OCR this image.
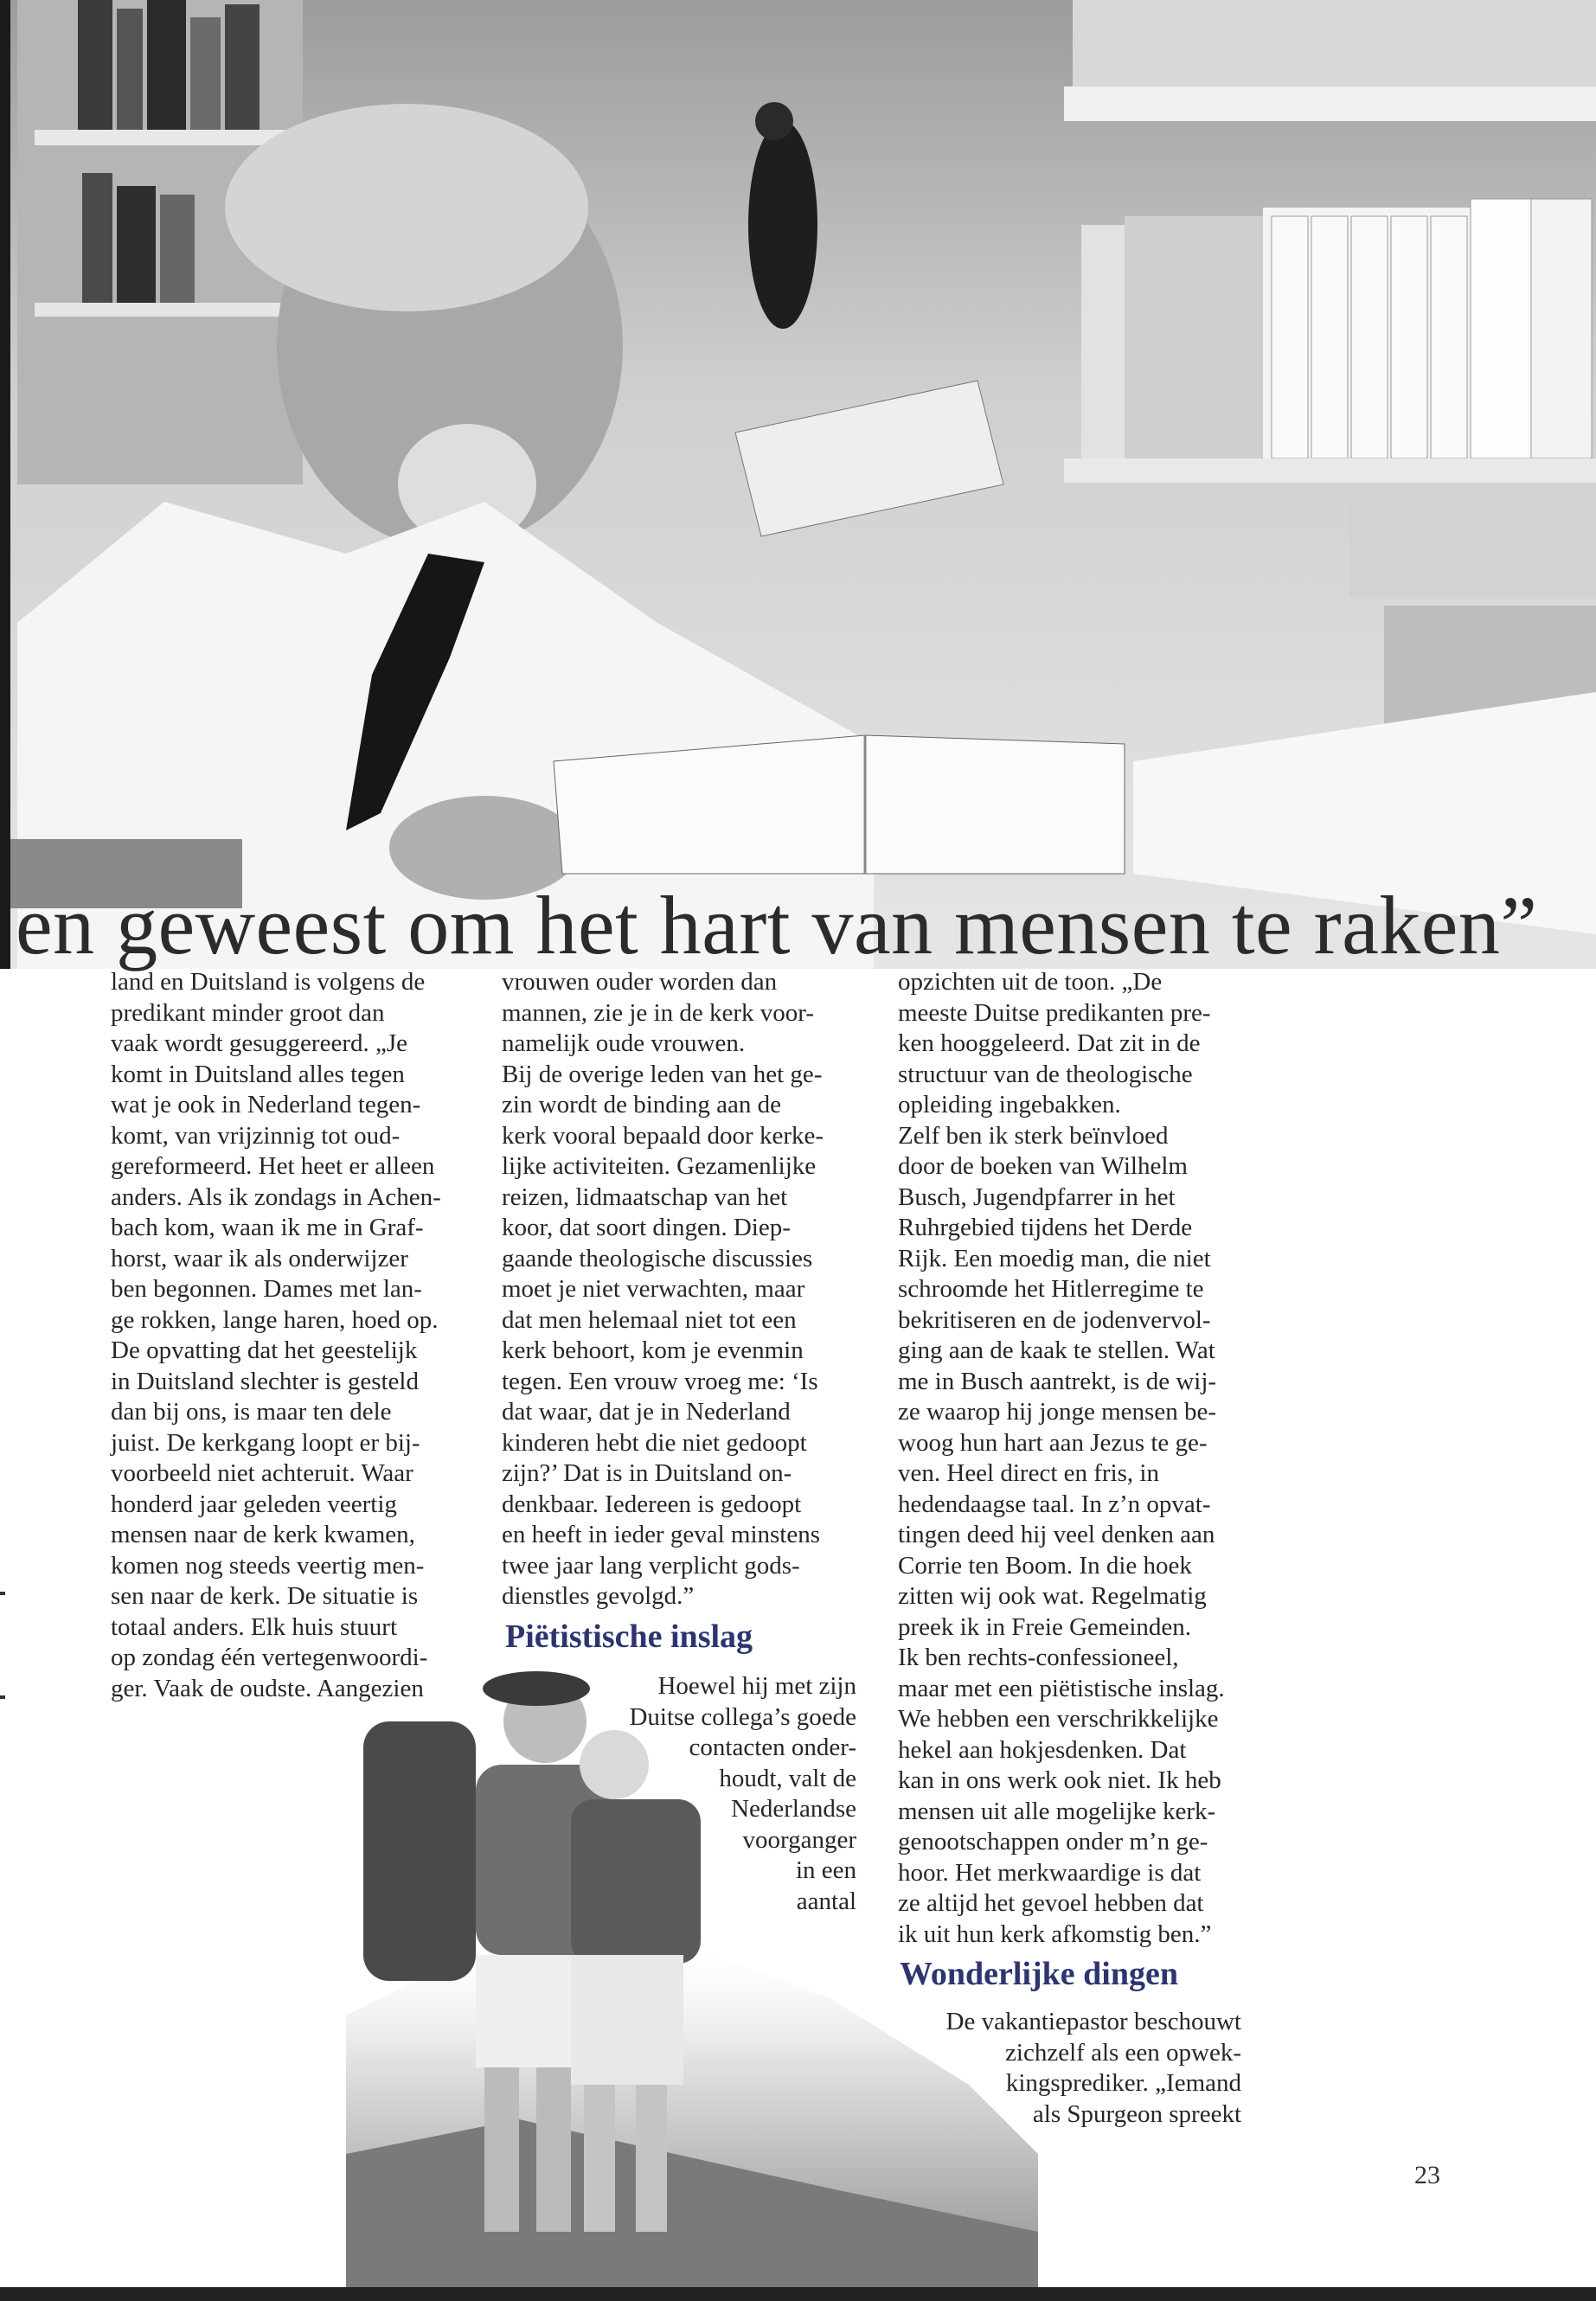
en geweest om het hart van mensen te raken”
land en Duitsland is volgens de
predikant minder groot dan
vaak wordt gesuggereerd. „Je
komt in Duitsland alles tegen
wat je ook in Nederland tegen-
komt, van vrijzinnig tot oud-
gereformeerd. Het heet er alleen
anders. Als ik zondags in Achen-
bach kom, waan ik me in Graf-
horst, waar ik als onderwijzer
ben begonnen. Dames met lan-
ge rokken, lange haren, hoed op.
De opvatting dat het geestelijk
in Duitsland slechter is gesteld
dan bij ons, is maar ten dele
juist. De kerkgang loopt er bij-
voorbeeld niet achteruit. Waar
honderd jaar geleden veertig
mensen naar de kerk kwamen,
komen nog steeds veertig men-
sen naar de kerk. De situatie is
totaal anders. Elk huis stuurt
op zondag één vertegenwoordi-
ger. Vaak de oudste. Aangezien
vrouwen ouder worden dan
mannen, zie je in de kerk voor-
namelijk oude vrouwen.
Bij de overige leden van het ge-
zin wordt de binding aan de
kerk vooral bepaald door kerke-
lijke activiteiten. Gezamenlijke
reizen, lidmaatschap van het
koor, dat soort dingen. Diep-
gaande theologische discussies
moet je niet verwachten, maar
dat men helemaal niet tot een
kerk behoort, kom je evenmin
tegen. Een vrouw vroeg me: ‘Is
dat waar, dat je in Nederland
kinderen hebt die niet gedoopt
zijn?’ Dat is in Duitsland on-
denkbaar. Iedereen is gedoopt
en heeft in ieder geval minstens
twee jaar lang verplicht gods-
dienstles gevolgd.”
opzichten uit de toon. „De
meeste Duitse predikanten pre-
ken hooggeleerd. Dat zit in de
structuur van de theologische
opleiding ingebakken.
Zelf ben ik sterk beïnvloed
door de boeken van Wilhelm
Busch, Jugendpfarrer in het
Ruhrgebied tijdens het Derde
Rijk. Een moedig man, die niet
schroomde het Hitlerregime te
bekritiseren en de jodenvervol-
ging aan de kaak te stellen. Wat
me in Busch aantrekt, is de wij-
ze waarop hij jonge mensen be-
woog hun hart aan Jezus te ge-
ven. Heel direct en fris, in
hedendaagse taal. In z’n opvat-
tingen deed hij veel denken aan
Corrie ten Boom. In die hoek
zitten wij ook wat. Regelmatig
preek ik in Freie Gemeinden.
Ik ben rechts-confessioneel,
maar met een piëtistische inslag.
We hebben een verschrikkelijke
hekel aan hokjesdenken. Dat
kan in ons werk ook niet. Ik heb
mensen uit alle mogelijke kerk-
genootschappen onder m’n ge-
hoor. Het merkwaardige is dat
ze altijd het gevoel hebben dat
ik uit hun kerk afkomstig ben.”
Piëtistische inslag
Wonderlijke dingen
Hoewel hij met zijn
Duitse collega’s goede
contacten onder-
houdt, valt de
Nederlandse
voorganger
in een
aantal
De vakantiepastor beschouwt
zichzelf als een opwek-
kingsprediker. „Iemand
als Spurgeon spreekt
23
